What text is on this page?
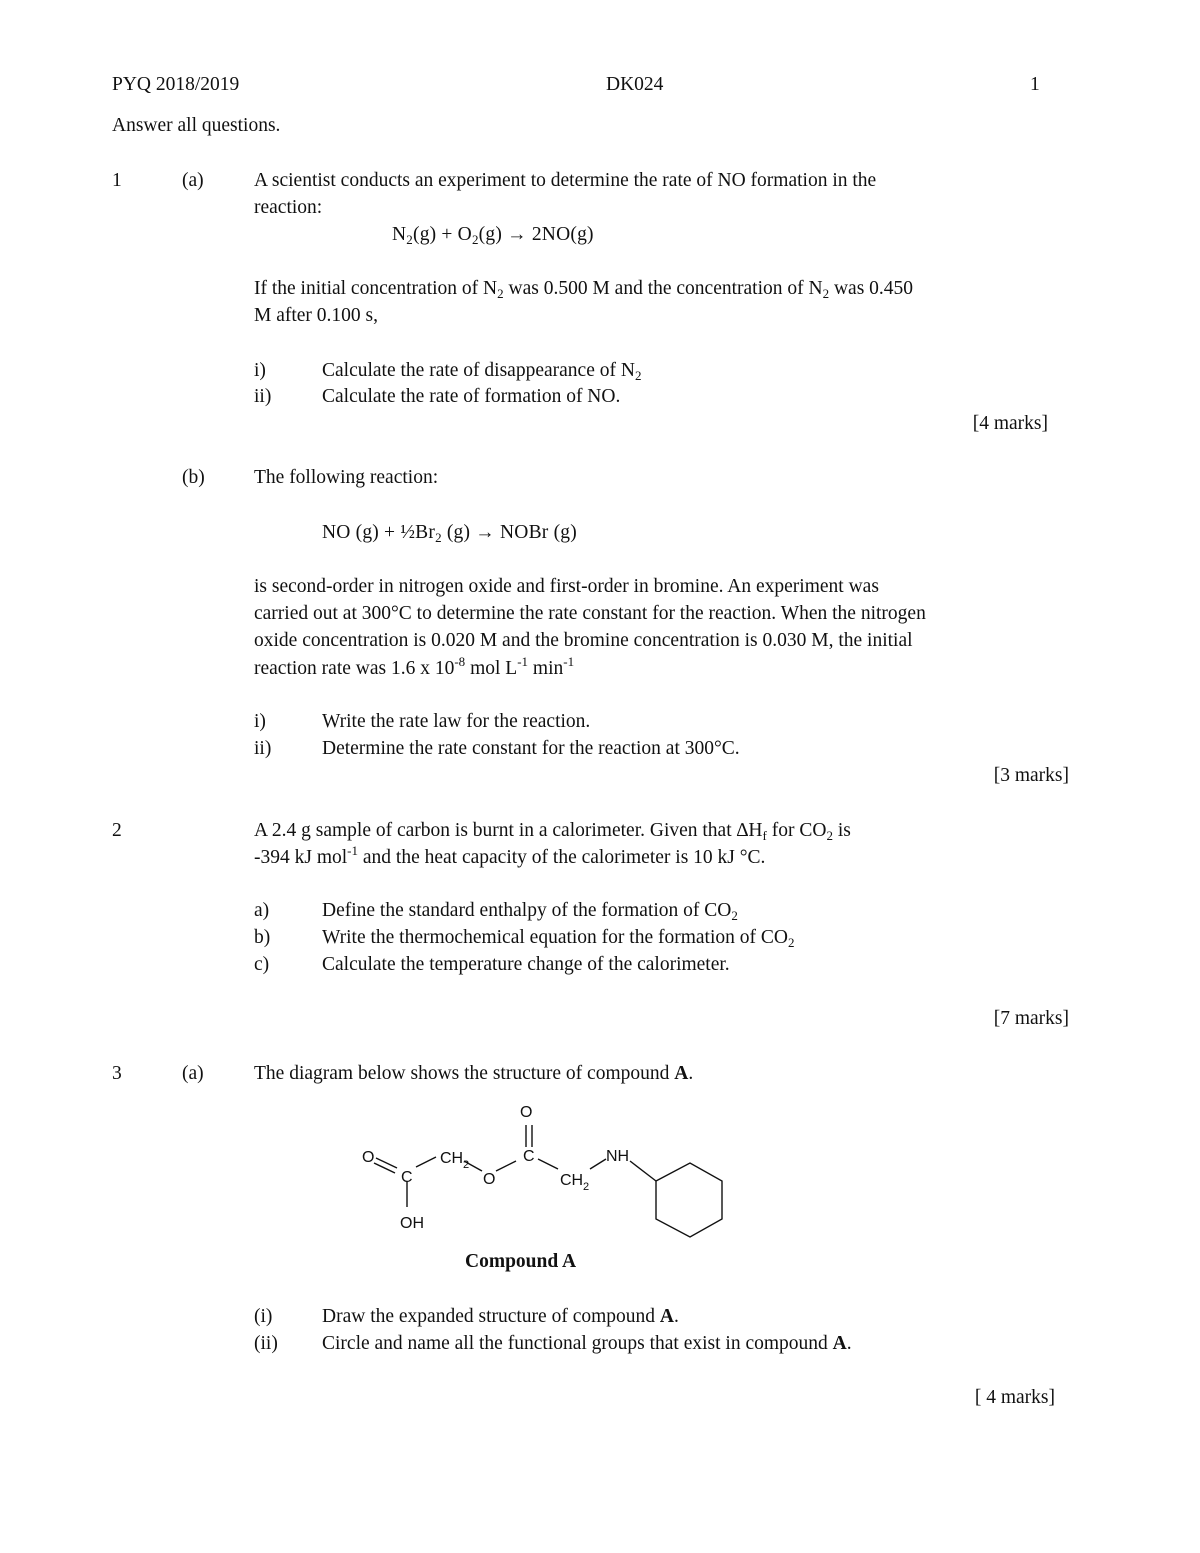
PYQ 2018/2019	DK024	1
Answer all questions.
1	(a)	A scientist conducts an experiment to determine the rate of NO formation in the
reaction:
$N_2(g) + O_2(g) \to 2NO(g)$
If the initial concentration of $N_2$ was 0.500 M and the concentration of $N_2$ was 0.450
M after 0.100 s,
i)	Calculate the rate of disappearance of $N_2$
ii)	Calculate the rate of formation of NO.
[4 marks]
(b)	The following reaction:
NO $(g) + \frac{1}{2}Br_2$ (g) → NOBr (g)
is second-order in nitrogen oxide and first-order in bromine. An experiment was
carried out at 300°C to determine the rate constant for the reaction. When the nitrogen
oxide concentration is 0.020 M and the bromine concentration is 0.030 M, the initial
reaction rate was 1.6 x $10^{-8}$ mol $L^{-1}$ $\min^{-1}$
i)	Write the rate law for the reaction.
ii)	Determine the rate constant for the reaction at 300°C.
[3 marks]
2	A 2.4 g sample of carbon is burnt in a calorimeter. Given that $\Delta H_f$ for $CO_2$ is
-394 kJ mol$^{-1}$ and the heat capacity of the calorimeter is 10 kJ °C.
a)	Define the standard enthalpy of the formation of $CO_2$
b)	Write the thermochemical equation for the formation of $CO_2$
c)	Calculate the temperature change of the calorimeter.
[7 marks]
3	(a)	The diagram below shows the structure of compound A.
O
O
C
OH
CH 2
O
C
CH 2
NH
Compound A
(i)	Draw the expanded structure of compound A.
(ii) Circle and name all the functional groups that exist in compound A.
[ 4 marks]
